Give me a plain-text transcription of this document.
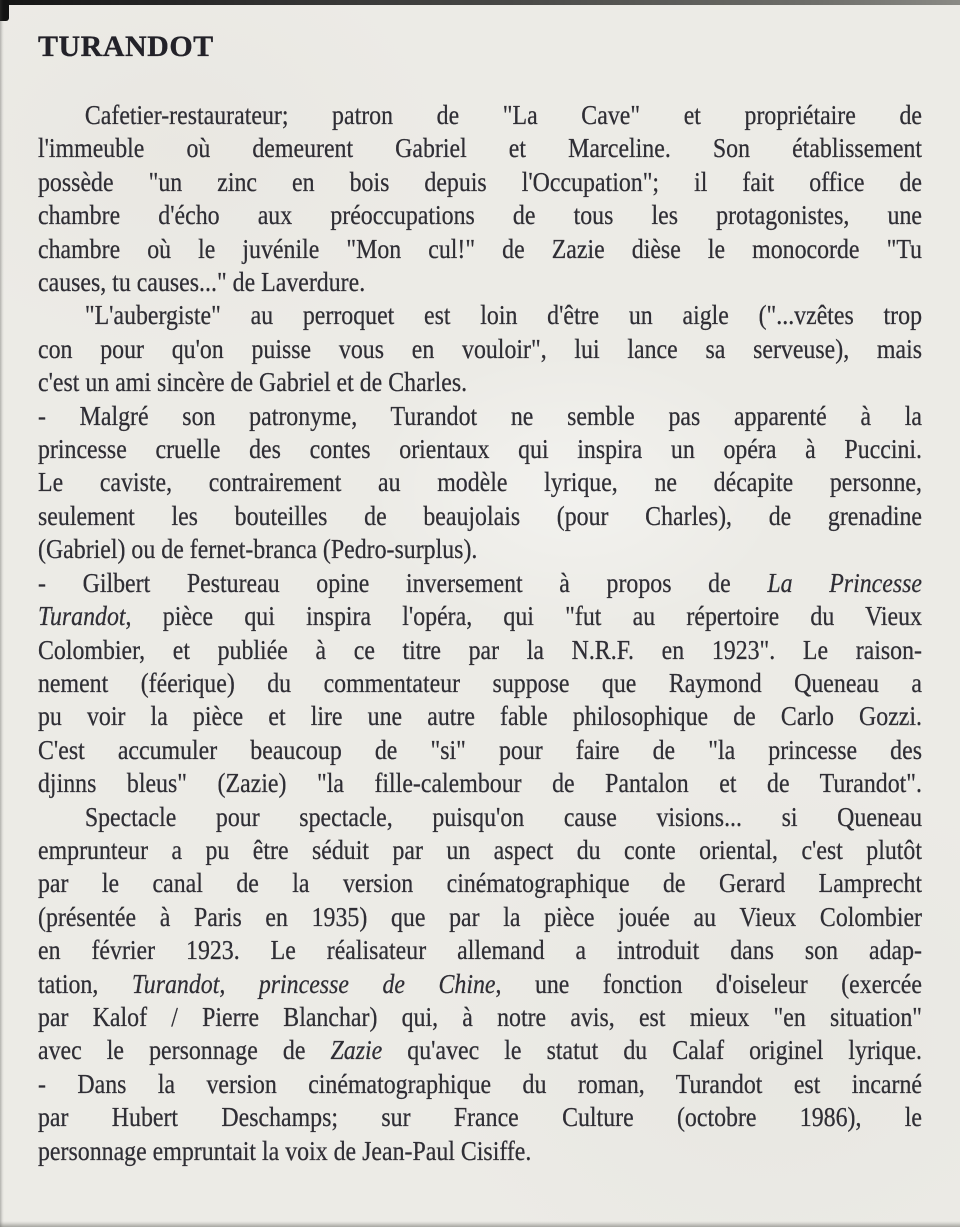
TURANDOT
Cafetier-restaurateur; patron de "La Cave" et propriétaire de
l'immeuble où demeurent Gabriel et Marceline. Son établissement
possède "un zinc en bois depuis l'Occupation"; il fait office de
chambre d'écho aux préoccupations de tous les protagonistes, une
chambre où le juvénile "Mon cul!" de Zazie dièse le monocorde "Tu
causes, tu causes..." de Laverdure.
"L'aubergiste" au perroquet est loin d'être un aigle ("...vzêtes trop
con pour qu'on puisse vous en vouloir", lui lance sa serveuse), mais
c'est un ami sincère de Gabriel et de Charles.
- Malgré son patronyme, Turandot ne semble pas apparenté à la
princesse cruelle des contes orientaux qui inspira un opéra à Puccini.
Le caviste, contrairement au modèle lyrique, ne décapite personne,
seulement les bouteilles de beaujolais (pour Charles), de grenadine
(Gabriel) ou de fernet-branca (Pedro-surplus).
- Gilbert Pestureau opine inversement à propos de La Princesse
Turandot, pièce qui inspira l'opéra, qui "fut au répertoire du Vieux
Colombier, et publiée à ce titre par la N.R.F. en 1923". Le raison-
nement (féerique) du commentateur suppose que Raymond Queneau a
pu voir la pièce et lire une autre fable philosophique de Carlo Gozzi.
C'est accumuler beaucoup de "si" pour faire de "la princesse des
djinns bleus" (Zazie) "la fille-calembour de Pantalon et de Turandot".
Spectacle pour spectacle, puisqu'on cause visions... si Queneau
emprunteur a pu être séduit par un aspect du conte oriental, c'est plutôt
par le canal de la version cinématographique de Gerard Lamprecht
(présentée à Paris en 1935) que par la pièce jouée au Vieux Colombier
en février 1923. Le réalisateur allemand a introduit dans son adap-
tation, Turandot, princesse de Chine, une fonction d'oiseleur (exercée
par Kalof / Pierre Blanchar) qui, à notre avis, est mieux "en situation"
avec le personnage de Zazie qu'avec le statut du Calaf originel lyrique.
- Dans la version cinématographique du roman, Turandot est incarné
par Hubert Deschamps; sur France Culture (octobre 1986), le
personnage empruntait la voix de Jean-Paul Cisiffe.
